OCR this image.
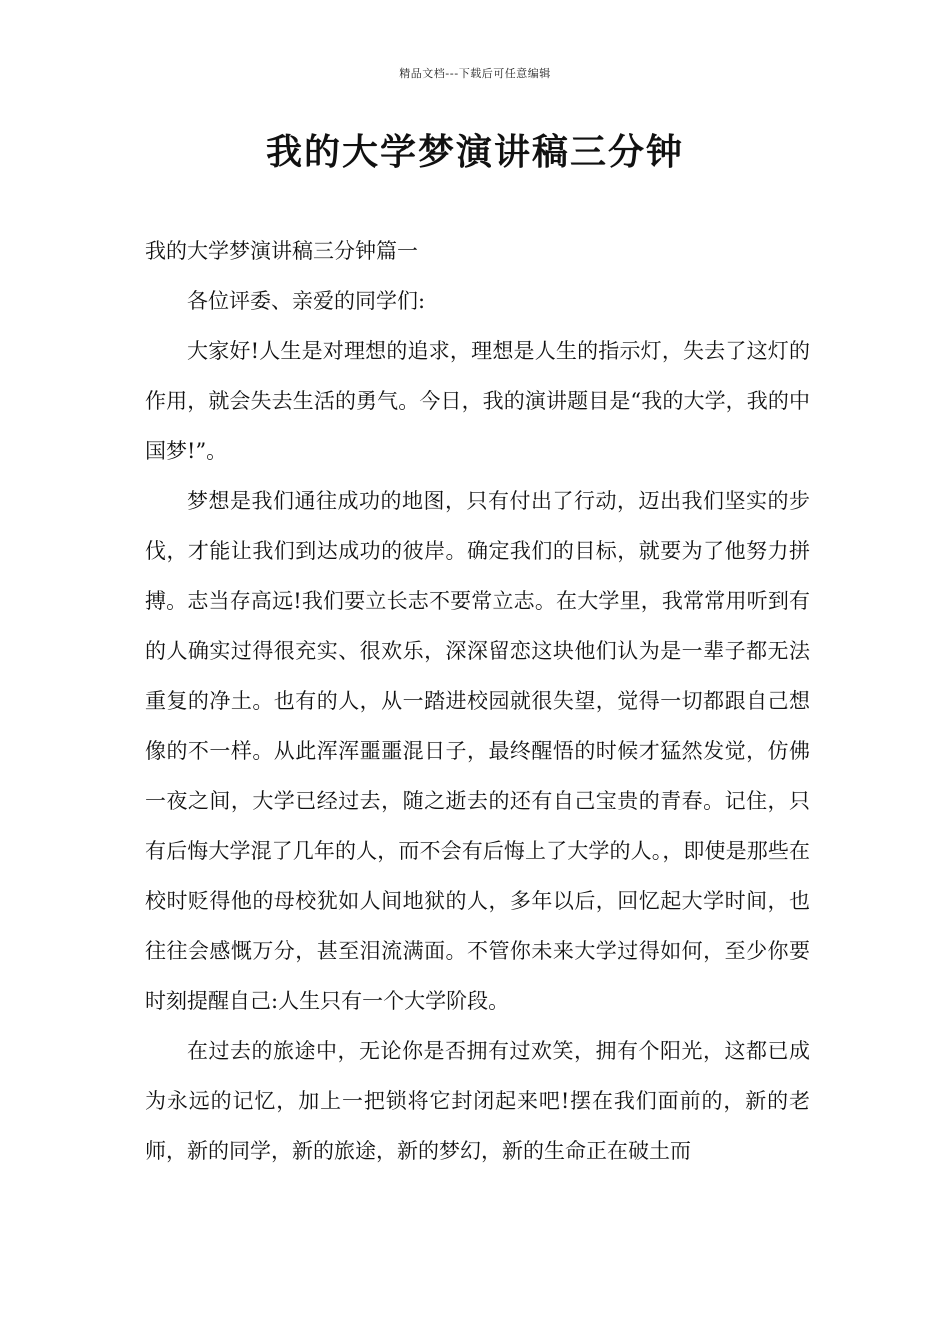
精品文档---下载后可任意编辑
我的大学梦演讲稿三分钟

我的大学梦演讲稿三分钟篇一

各位评委、亲爱的同学们:

大家好!人生是对理想的追求，理想是人生的指示灯，失去了这灯的作用，就会失去生活的勇气。今日，我的演讲题目是“我的大学，我的中国梦!”。

梦想是我们通往成功的地图，只有付出了行动，迈出我们坚实的步伐，才能让我们到达成功的彼岸。确定我们的目标，就要为了他努力拼搏。志当存高远!我们要立长志不要常立志。在大学里，我常常用听到有的人确实过得很充实、很欢乐，深深留恋这块他们认为是一辈子都无法重复的净土。也有的人，从一踏进校园就很失望，觉得一切都跟自己想像的不一样。从此浑浑噩噩混日子，最终醒悟的时候才猛然发觉，仿佛一夜之间，大学已经过去，随之逝去的还有自己宝贵的青春。记住，只有后悔大学混了几年的人，而不会有后悔上了大学的人。，即使是那些在校时贬得他的母校犹如人间地狱的人，多年以后，回忆起大学时间，也往往会感慨万分，甚至泪流满面。不管你未来大学过得如何，至少你要时刻提醒自己:人生只有一个大学阶段。

在过去的旅途中，无论你是否拥有过欢笑，拥有个阳光，这都已成为永远的记忆，加上一把锁将它封闭起来吧!摆在我们面前的，新的老师，新的同学，新的旅途，新的梦幻，新的生命正在破土而
